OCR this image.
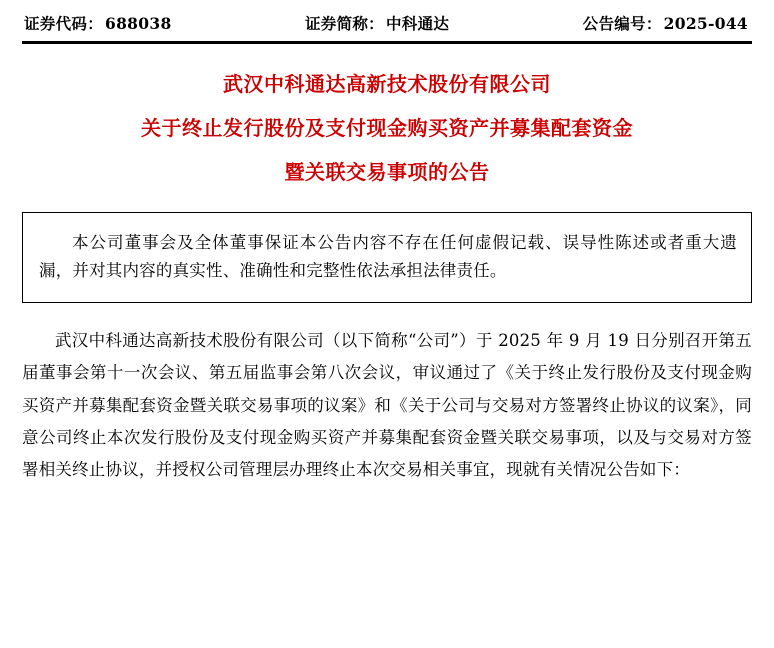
证券代码： 688038	证券简称： 中科通达	公告编号： 2025-044
武汉中科通达高新技术股份有限公司
关于终止发行股份及支付现金购买资产并募集配套资金
暨关联交易事项的公告

本公司董事会及全体董事保证本公告内容不存在任何虚假记载、误导性陈述或者重大遗漏，并对其内容的真实性、准确性和完整性依法承担法律责任。

武汉中科通达高新技术股份有限公司（以下简称“公司”）于 2025 年 9 月 19 日分别召开第五届董事会第十一次会议、第五届监事会第八次会议，审议通过了《关于终止发行股份及支付现金购买资产并募集配套资金暨关联交易事项的议案》和《关于公司与交易对方签署终止协议的议案》，同意公司终止本次发行股份及支付现金购买资产并募集配套资金暨关联交易事项，以及与交易对方签署相关终止协议，并授权公司管理层办理终止本次交易相关事宜，现就有关情况公告如下：
